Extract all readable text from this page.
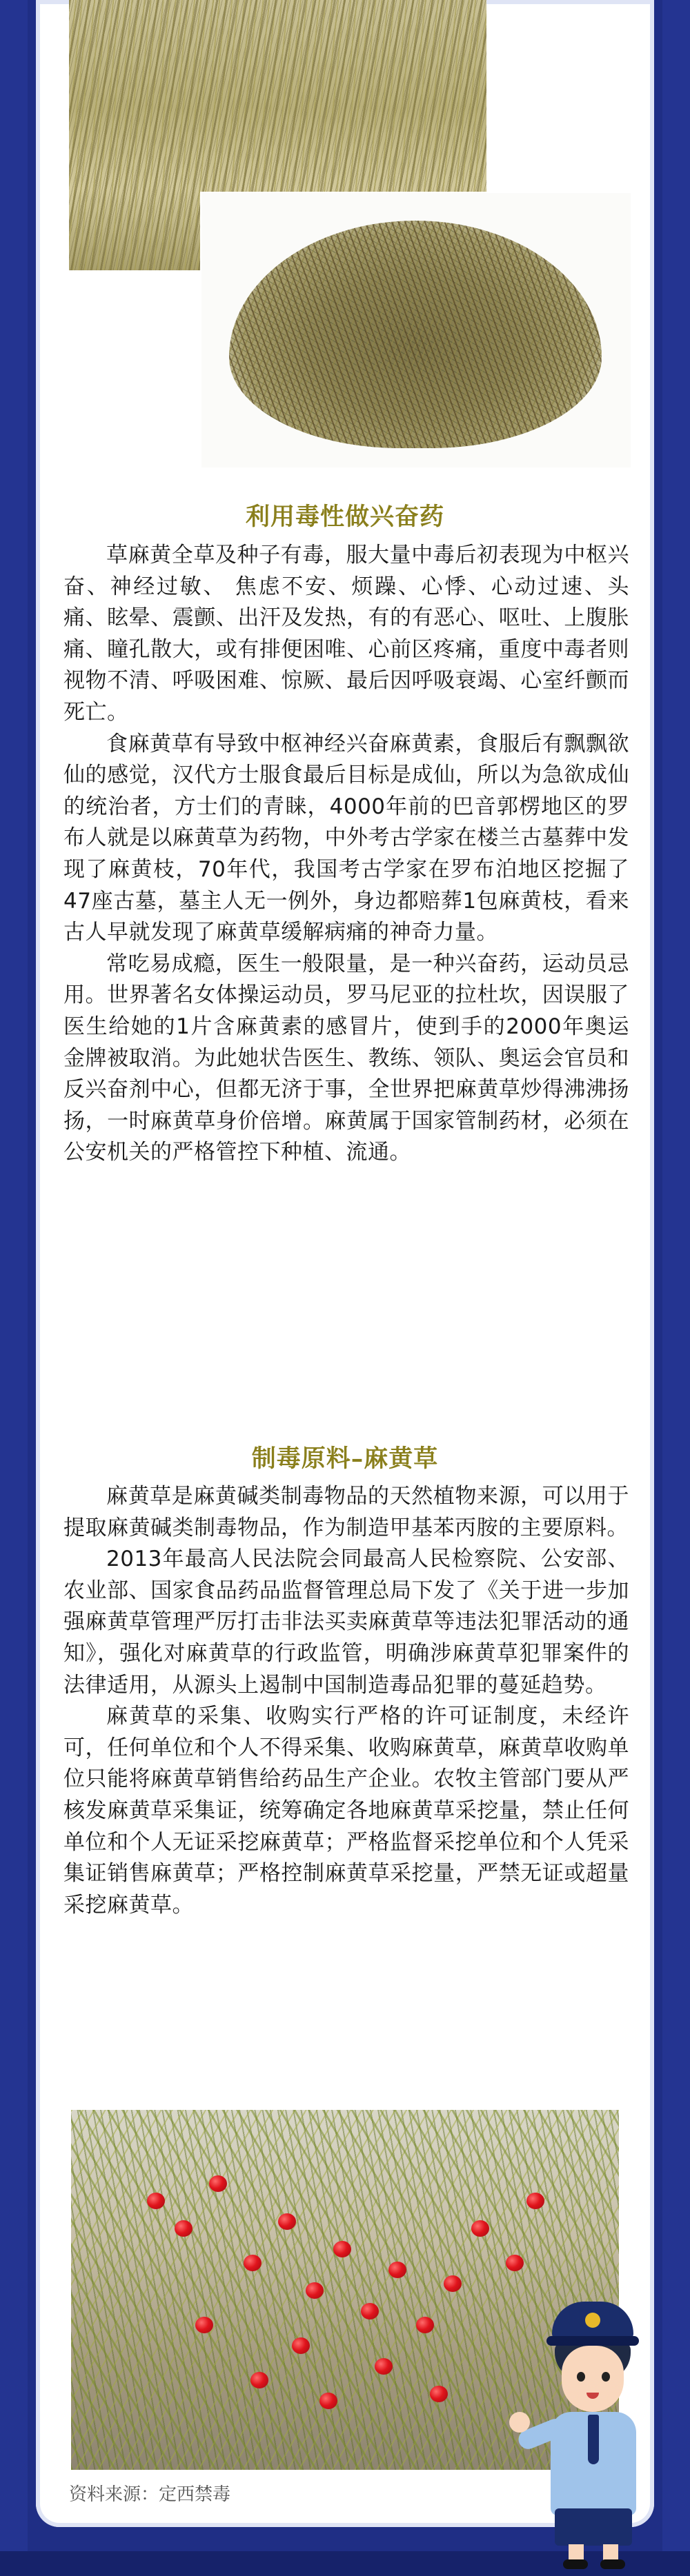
利用毒性做兴奋药

草麻黄全草及种子有毒，服大量中毒后初表现为中枢兴奋、神经过敏、 焦虑不安、烦躁、心悸、心动过速、头痛、眩晕、震颤、出汗及发热，有的有恶心、呕吐、上腹胀痛、瞳孔散大，或有排便困唯、心前区疼痛，重度中毒者则视物不清、呼吸困难、惊厥、最后因呼吸衰竭、心室纤颤而死亡。

食麻黄草有导致中枢神经兴奋麻黄素，食服后有飘飘欲仙的感觉，汉代方士服食最后目标是成仙，所以为急欲成仙的统治者，方士们的青睐，4000年前的巴音郭楞地区的罗布人就是以麻黄草为药物，中外考古学家在楼兰古墓葬中发现了麻黄枝，70年代，我国考古学家在罗布泊地区挖掘了47座古墓，墓主人无一例外，身边都赔葬1包麻黄枝，看来古人早就发现了麻黄草缓解病痛的神奇力量。

常吃易成瘾，医生一般限量，是一种兴奋药，运动员忌用。世界著名女体操运动员，罗马尼亚的拉杜坎，因误服了医生给她的1片含麻黄素的感冒片，使到手的2000年奥运金牌被取消。为此她状告医生、教练、领队、奥运会官员和反兴奋剂中心，但都无济于事，全世界把麻黄草炒得沸沸扬扬，一时麻黄草身价倍增。麻黄属于国家管制药材，必须在公安机关的严格管控下种植、流通。

制毒原料–麻黄草

麻黄草是麻黄碱类制毒物品的天然植物来源，可以用于提取麻黄碱类制毒物品，作为制造甲基苯丙胺的主要原料。

2013年最高人民法院会同最高人民检察院、公安部、农业部、国家食品药品监督管理总局下发了《关于进一步加强麻黄草管理严厉打击非法买卖麻黄草等违法犯罪活动的通知》，强化对麻黄草的行政监管，明确涉麻黄草犯罪案件的法律适用，从源头上遏制中国制造毒品犯罪的蔓延趋势。

麻黄草的采集、收购实行严格的许可证制度，未经许可，任何单位和个人不得采集、收购麻黄草，麻黄草收购单位只能将麻黄草销售给药品生产企业。农牧主管部门要从严核发麻黄草采集证，统筹确定各地麻黄草采挖量，禁止任何单位和个人无证采挖麻黄草；严格监督采挖单位和个人凭采集证销售麻黄草；严格控制麻黄草采挖量，严禁无证或超量采挖麻黄草。

资料来源：定西禁毒
